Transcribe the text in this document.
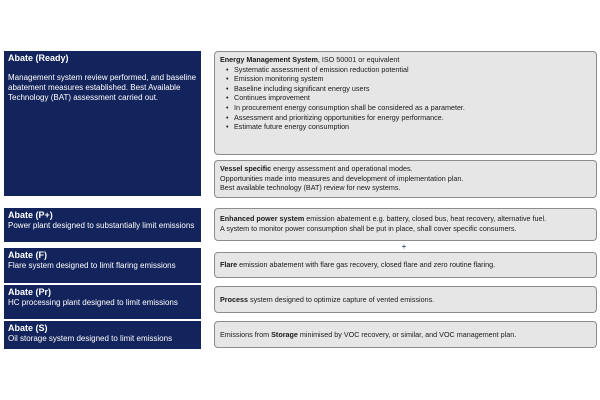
Abate (Ready)
Management system review performed, and baseline abatement measures established. Best Available Technology (BAT) assessment carried out.
Abate (P+)
Power plant designed to substantially limit emissions
Abate (F)
Flare system designed to limit flaring emissions
Abate (Pr)
HC processing plant designed to limit emissions
Abate (S)
Oil storage system designed to limit emissions
Energy Management System, ISO 50001 or equivalent
• Systematic assessment of emission reduction potential
• Emission monitoring system
• Baseline including significant energy users
• Continues improvement
• In procurement energy consumption shall be considered as a parameter.
• Assessment and prioritizing opportunities for energy performance.
• Estimate future energy consumption
Vessel specific energy assessment and operational modes.
Opportunities made into measures and development of implementation plan.
Best available technology (BAT) review for new systems.
Enhanced power system emission abatement e.g. battery, closed bus, heat recovery, alternative fuel.
A system to monitor power consumption shall be put in place, shall cover specific consumers.
+
Flare emission abatement with flare gas recovery, closed flare and zero routine flaring.
Process system designed to optimize capture of vented emissions.
Emissions from Storage minimised by VOC recovery, or similar, and VOC management plan.
